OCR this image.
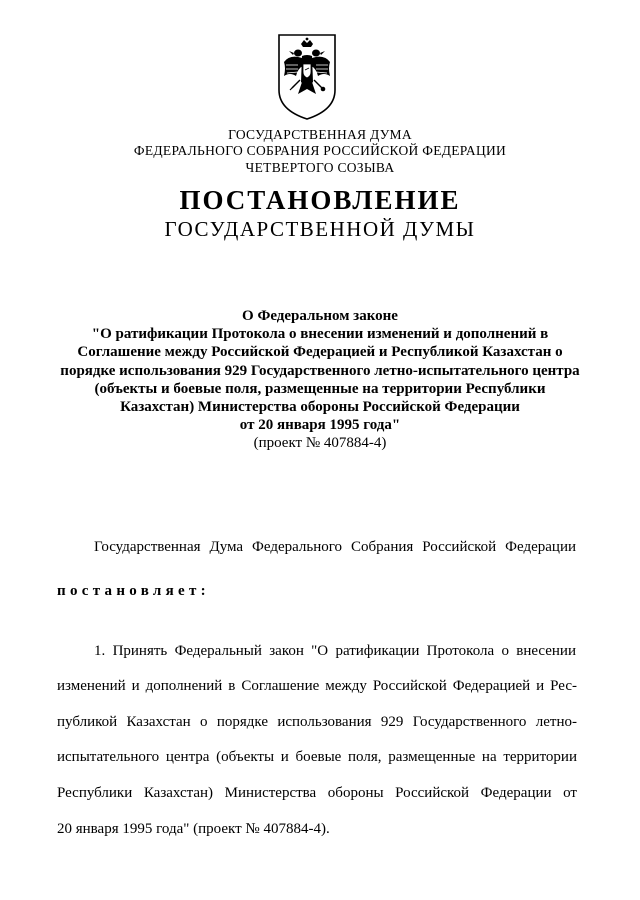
ГОСУДАРСТВЕННАЯ ДУМА
ФЕДЕРАЛЬНОГО СОБРАНИЯ РОССИЙСКОЙ ФЕДЕРАЦИИ
ЧЕТВЕРТОГО СОЗЫВА
ПОСТАНОВЛЕНИЕ
ГОСУДАРСТВЕННОЙ ДУМЫ
О Федеральном законе
"О ратификации Протокола о внесении изменений и дополнений в
Соглашение между Российской Федерацией и Республикой Казахстан о
порядке использования 929 Государственного летно-испытательного центра
(объекты и боевые поля, размещенные на территории Республики
Казахстан) Министерства обороны Российской Федерации
от 20 января 1995 года"
(проект № 407884-4)
Государственная Дума Федерального Собрания Российской Федерации
постановляет:
1. Принять Федеральный закон "О ратификации Протокола о внесении
изменений и дополнений в Соглашение между Российской Федерацией и Рес-
публикой Казахстан о порядке использования 929 Государственного летно-
испытательного центра (объекты и боевые поля, размещенные на территории
Республики Казахстан) Министерства обороны Российской Федерации от
20 января 1995 года" (проект № 407884-4).
